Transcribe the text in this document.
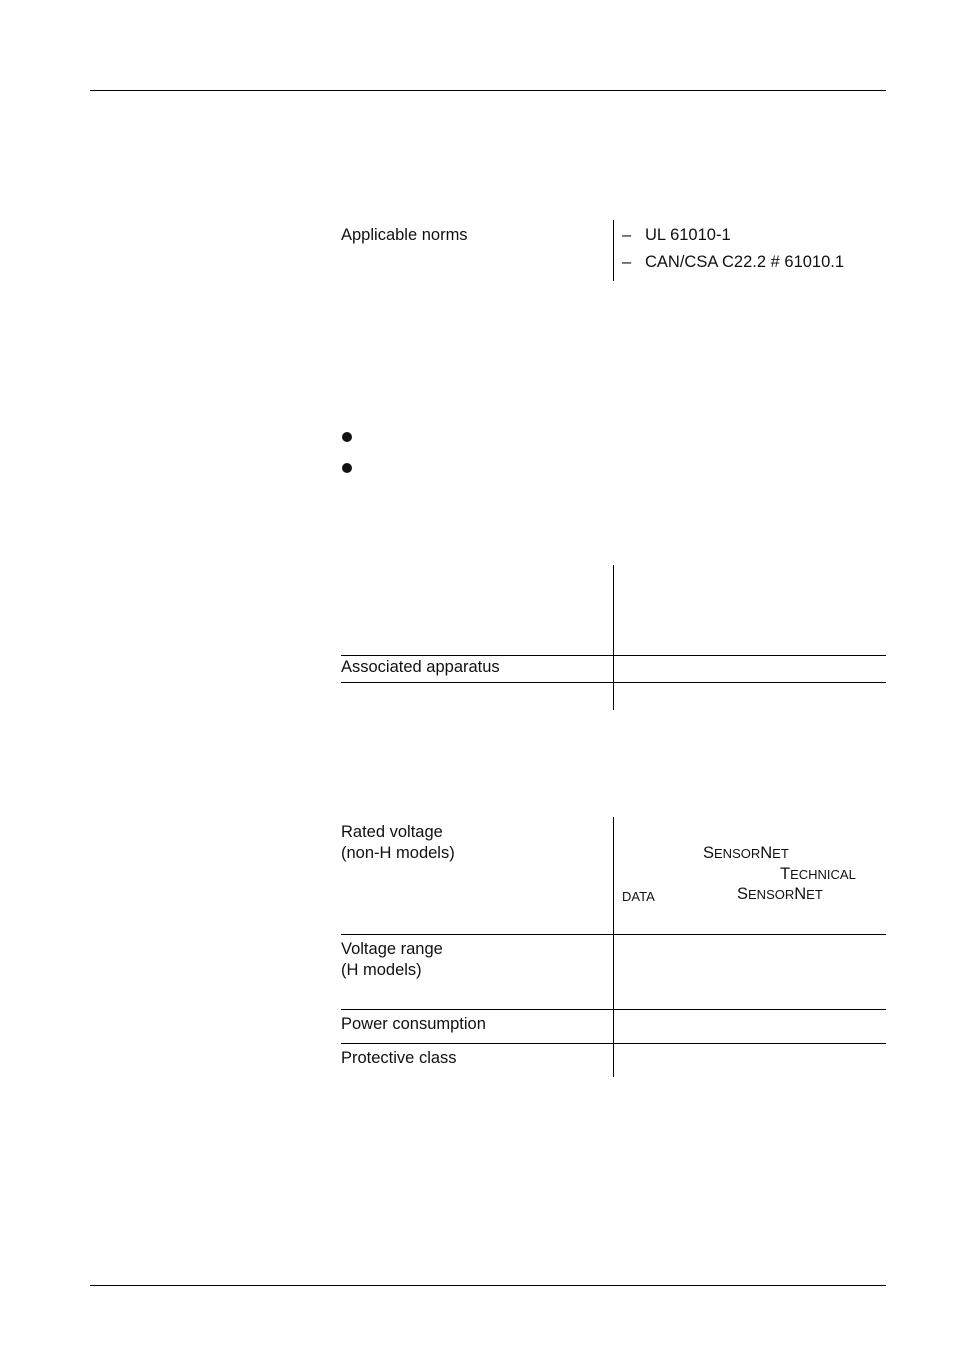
Applicable norms	– UL 61010-1
– CAN/CSA C22.2 # 61010.1
Associated apparatus
Rated voltage
(non-H models)	SENSORNET
TECHNICAL
DATA	SENSORNET
Voltage range
(H models)
Power consumption
Protective class
